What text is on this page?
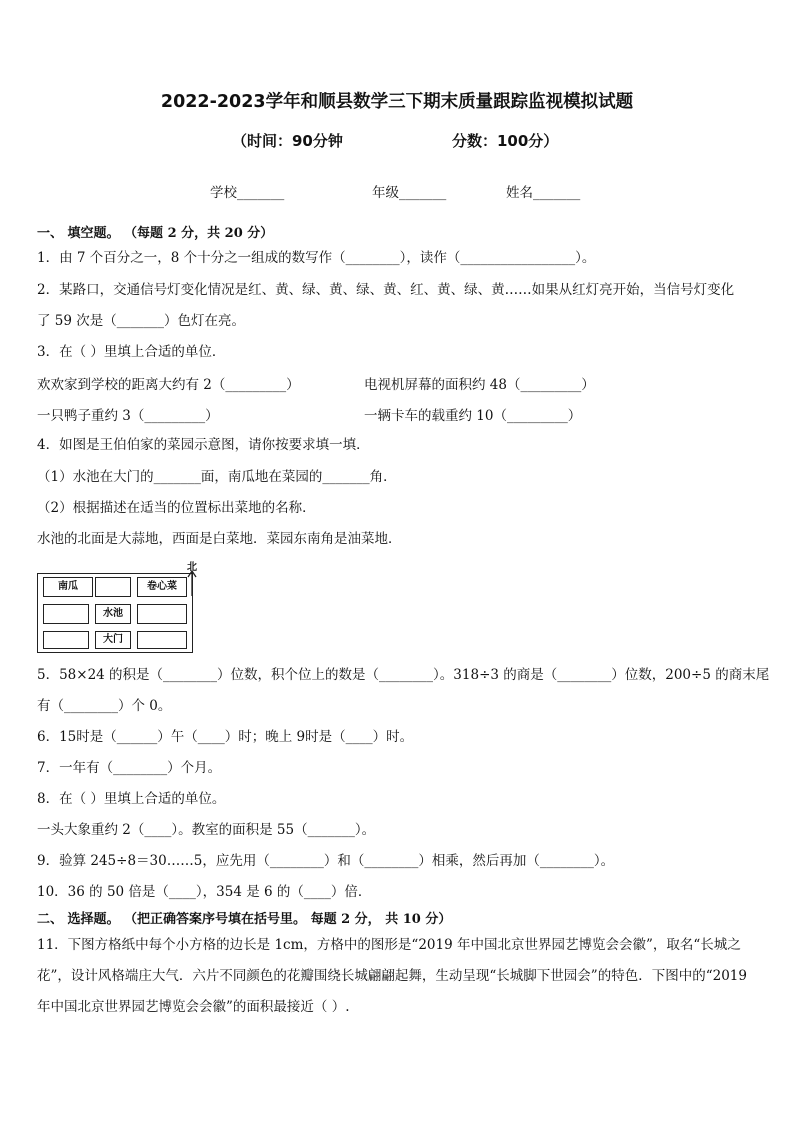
2022-2023学年和顺县数学三下期末质量跟踪监视模拟试题
（时间：90分钟	分数：100分）
学校_______	年级_______	姓名_______
一、 填空题。 （每题 2 分，共 20 分）
1．由 7 个百分之一，8 个十分之一组成的数写作（________），读作（_________________）。
2．某路口，交通信号灯变化情况是红、黄、绿、黄、绿、黄、红、黄、绿、黄……如果从红灯亮开始，当信号灯变化
了 59 次是（_______）色灯在亮。
3．在（ ）里填上合适的单位．
欢欢家到学校的距离大约有 2（_________）	电视机屏幕的面积约 48（_________）
一只鸭子重约 3（_________）	一辆卡车的载重约 10（_________）
4．如图是王伯伯家的菜园示意图，请你按要求填一填．
（1）水池在大门的_______面，南瓜地在菜园的_______角．
（2）根据描述在适当的位置标出菜地的名称．
水池的北面是大蒜地，西面是白菜地．菜园东南角是油菜地．
南瓜	卷心菜
水池
大门
北
5．58×24 的积是（________）位数，积个位上的数是（________）。318÷3 的商是（________）位数，200÷5 的商末尾
有（________）个 0。
6．15时是（______）午（____）时；晚上 9时是（____）时。
7．一年有（________）个月。
8．在（ ）里填上合适的单位。
一头大象重约 2（____）。教室的面积是 55（_______）。
9．验算 245÷8＝30……5，应先用（________）和（________）相乘，然后再加（________）。
10．36 的 50 倍是（____），354 是 6 的（____）倍．
二、 选择题。 （把正确答案序号填在括号里。 每题 2 分， 共 10 分）
11．下图方格纸中每个小方格的边长是 1cm，方格中的图形是“2019 年中国北京世界园艺博览会会徽”，取名“长城之
花”，设计风格端庄大气．六片不同颜色的花瓣围绕长城翩翩起舞，生动呈现“长城脚下世园会”的特色．下图中的“2019
年中国北京世界园艺博览会会徽”的面积最接近（ ）.
